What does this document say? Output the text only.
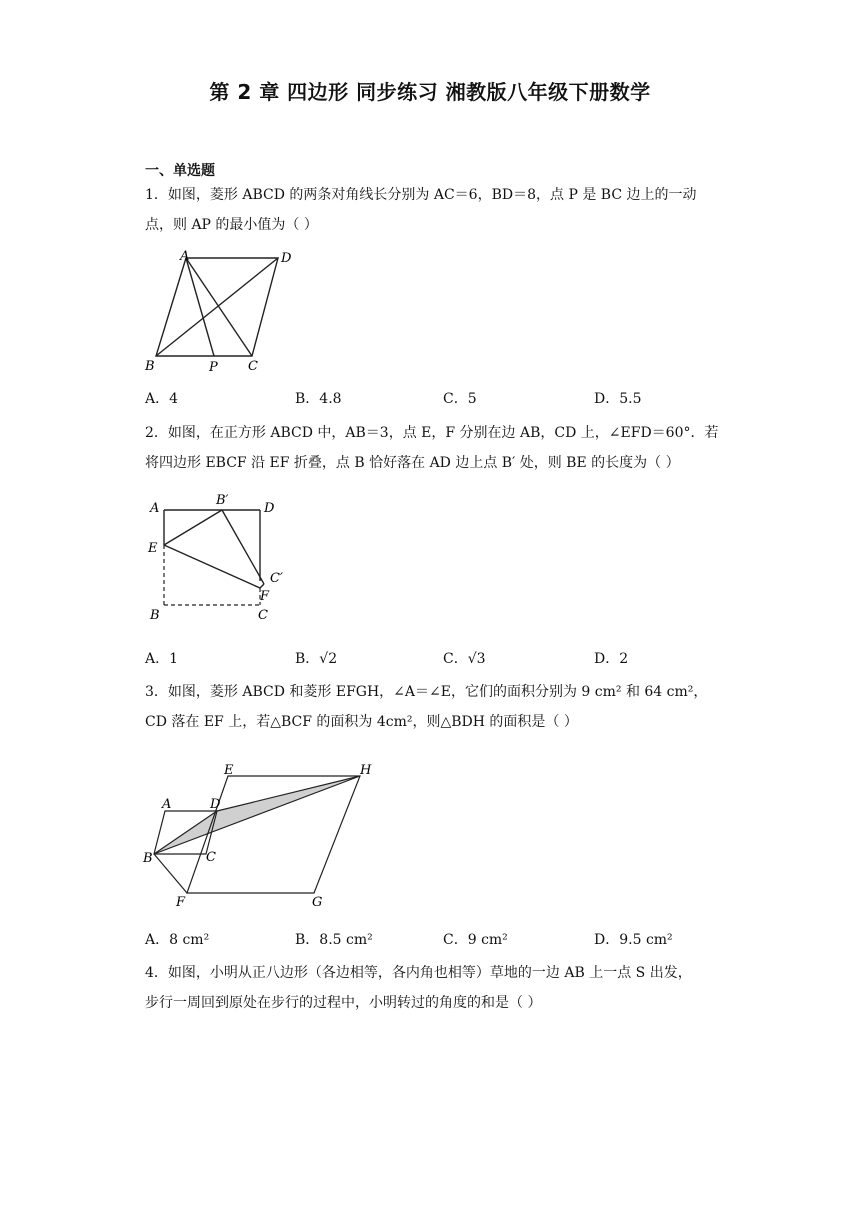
第 2 章 四边形 同步练习 湘教版八年级下册数学
一、单选题
1．如图，菱形 ABCD 的两条对角线长分别为 AC＝6，BD＝8，点 P 是 BC 边上的一动
点，则 AP 的最小值为（ ）
A	D
B	P C
A．4	B．4.8	C．5	D．5.5
2．如图，在正方形 ABCD 中，AB＝3，点 E，F 分别在边 AB，CD 上，∠EFD＝60°．若
将四边形 EBCF 沿 EF 折叠，点 B 恰好落在 AD 边上点 B′ 处，则 BE 的长度为（ ）
A
B′
D
E
C′
F
B	C
A．1	B．√2	C．√3	D．2
3．如图，菱形 ABCD 和菱形 EFGH，∠A＝∠E，它们的面积分别为 9 cm² 和 64 cm²，
CD 落在 EF 上，若△BCF 的面积为 4cm²，则△BDH 的面积是（ ）
E	H
A	D
B	C
F	G
A．8 cm²	B．8.5 cm²	C．9 cm²	D．9.5 cm²
4．如图，小明从正八边形（各边相等，各内角也相等）草地的一边 AB 上一点 S 出发，
步行一周回到原处在步行的过程中，小明转过的角度的和是（ ）
